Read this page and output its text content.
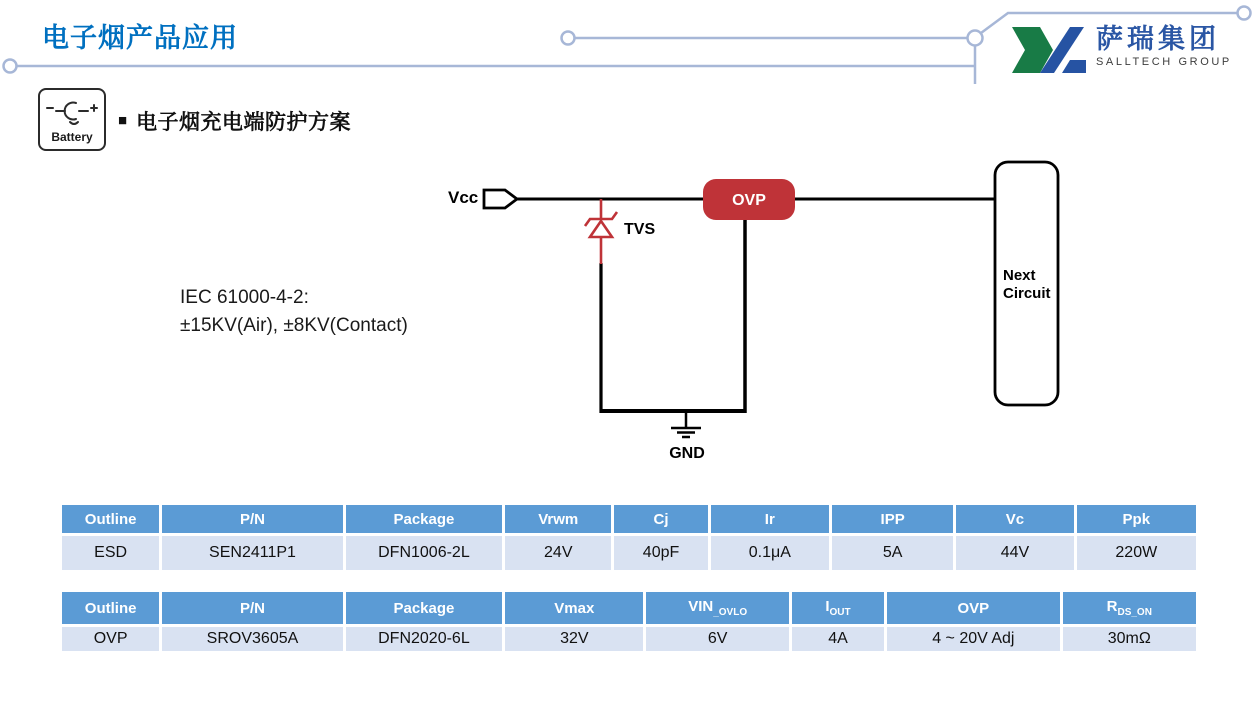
电子烟产品应用	萨瑞集团
SALLTECH GROUP
Battery
■ 电子烟充电端防护方案
IEC 61000-4-2:
±15KV(Air), ±8KV(Contact)
Vcc
TVS
OVP
Next
Circuit
GND
Outline	P/N	Package	Vrwm	Cj	Ir	IPP	Vc	Ppk
ESD	SEN2411P1	DFN1006-2L	24V	40pF	0.1μA	5A	44V	220W
Outline	P/N	Package	Vmax	$VIN_{\_OVLO}$	$I_{OUT}$	OVP	$R_{DS\_ON}$
OVP	SROV3605A	DFN2020-6L	32V	6V	4A	4 ~ 20V Adj	30mΩ
